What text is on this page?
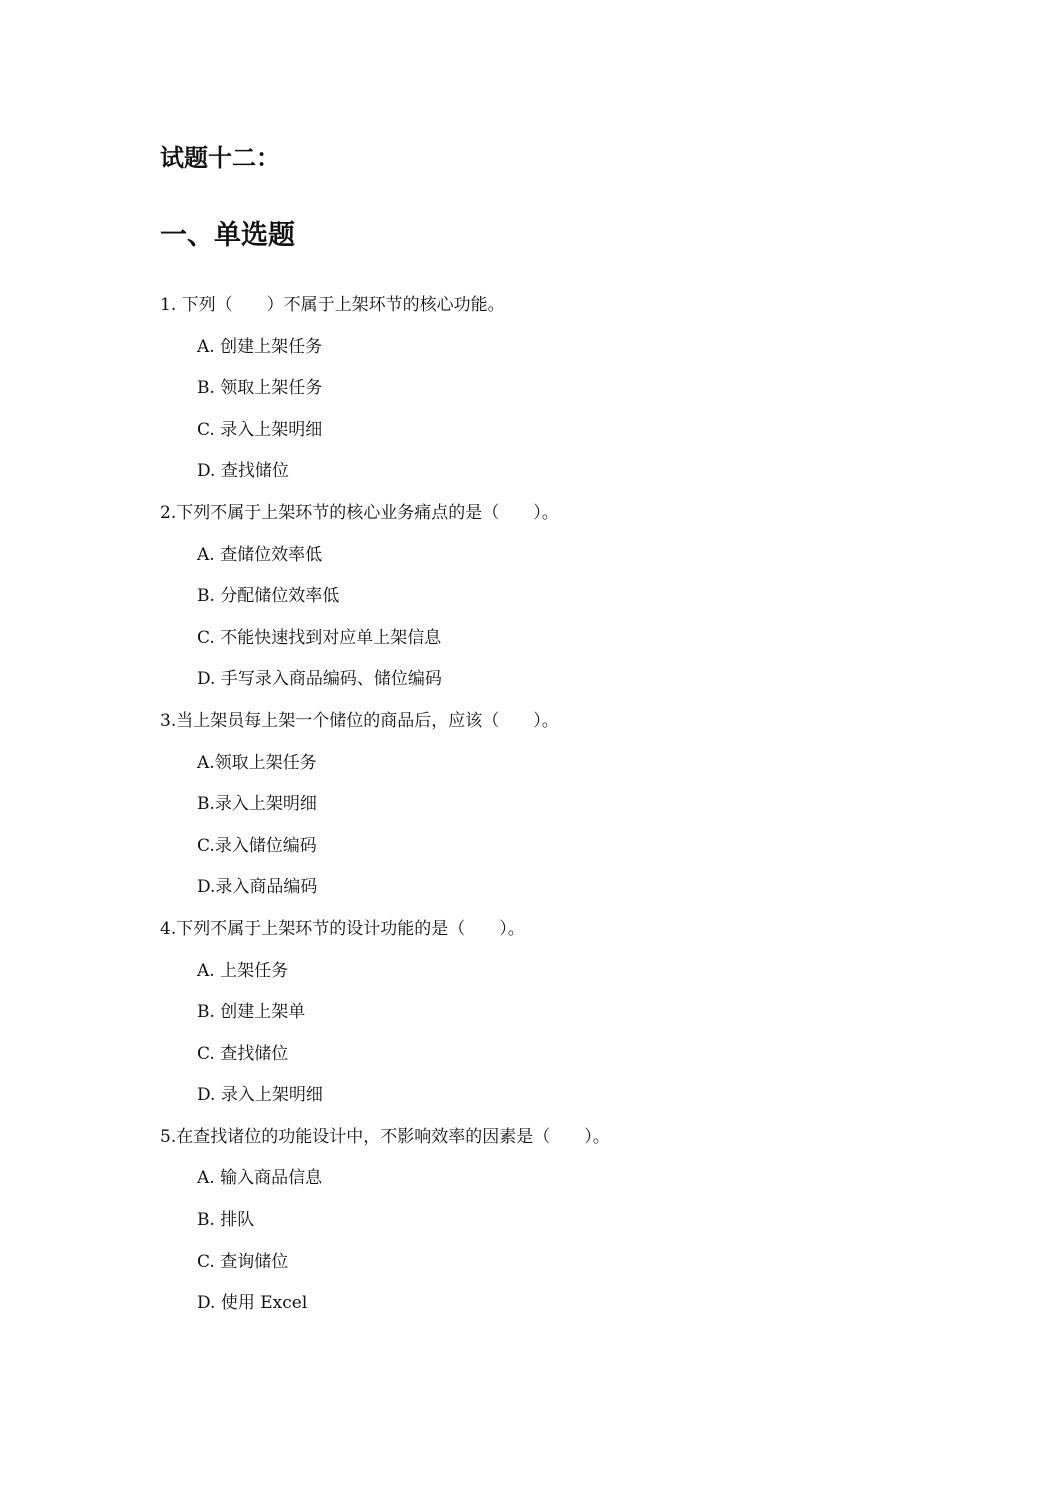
试题十二：
一、单选题
1. 下列（　　）不属于上架环节的核心功能。
A. 创建上架任务
B. 领取上架任务
C. 录入上架明细
D. 查找储位
2.下列不属于上架环节的核心业务痛点的是（　　）。
A. 查储位效率低
B. 分配储位效率低
C. 不能快速找到对应单上架信息
D. 手写录入商品编码、储位编码
3.当上架员每上架一个储位的商品后，应该（　　）。
A.领取上架任务
B.录入上架明细
C.录入储位编码
D.录入商品编码
4.下列不属于上架环节的设计功能的是（　　）。
A. 上架任务
B. 创建上架单
C. 查找储位
D. 录入上架明细
5.在查找诸位的功能设计中，不影响效率的因素是（　　）。
A. 输入商品信息
B. 排队
C. 查询储位
D. 使用 Excel
